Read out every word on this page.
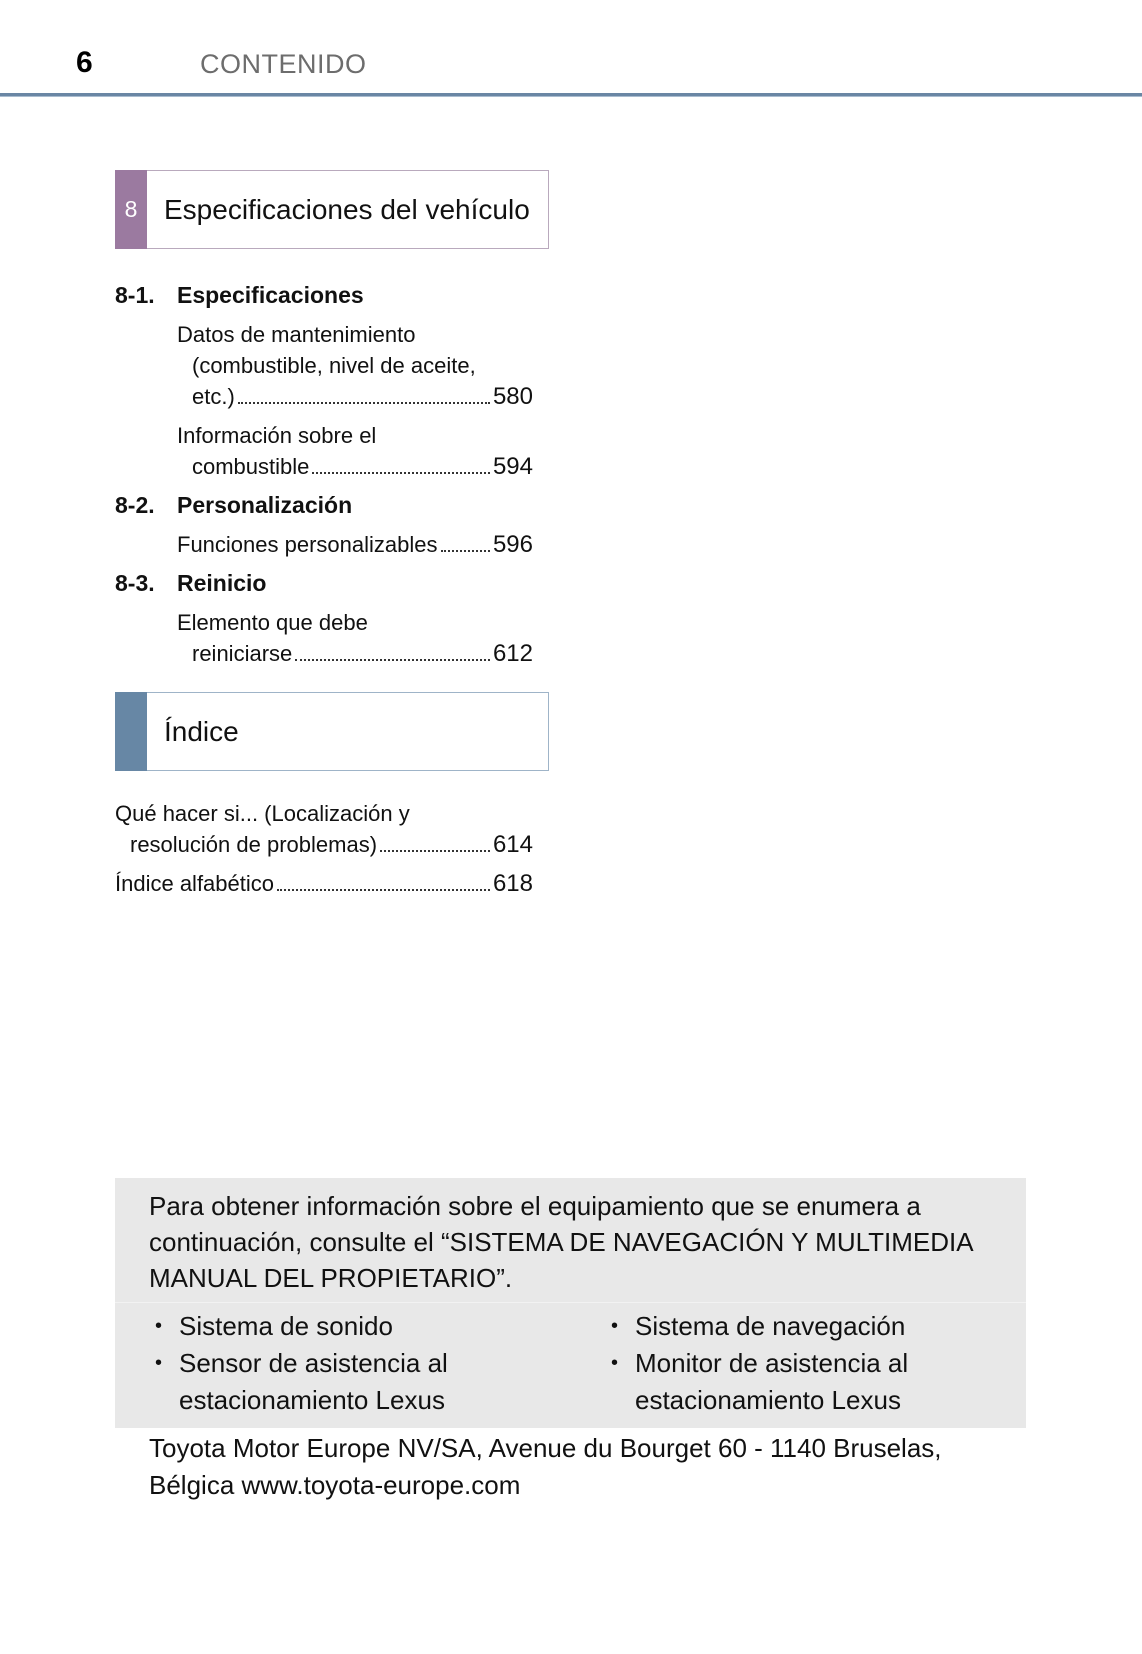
6	CONTENIDO
8 Especificaciones del vehículo
8-1. Especificaciones
Datos de mantenimiento
(combustible, nivel de aceite,
etc.)	580
Información sobre el
combustible	594
8-2. Personalización
Funciones personalizables 596
8-3. Reinicio
Elemento que debe
reiniciarse	612
Índice
Qué hacer si... (Localización y
resolución de problemas)	614
Índice alfabético	618
Para obtener información sobre el equipamiento que se enumera a continuación, consulte el “SISTEMA DE NAVEGACIÓN Y MULTIMEDIA MANUAL DEL PROPIETARIO”.
• Sistema de sonido
• Sensor de asistencia al estacionamiento Lexus
• Sistema de navegación
• Monitor de asistencia al estacionamiento Lexus
Toyota Motor Europe NV/SA, Avenue du Bourget 60 - 1140 Bruselas, Bélgica www.toyota-europe.com
